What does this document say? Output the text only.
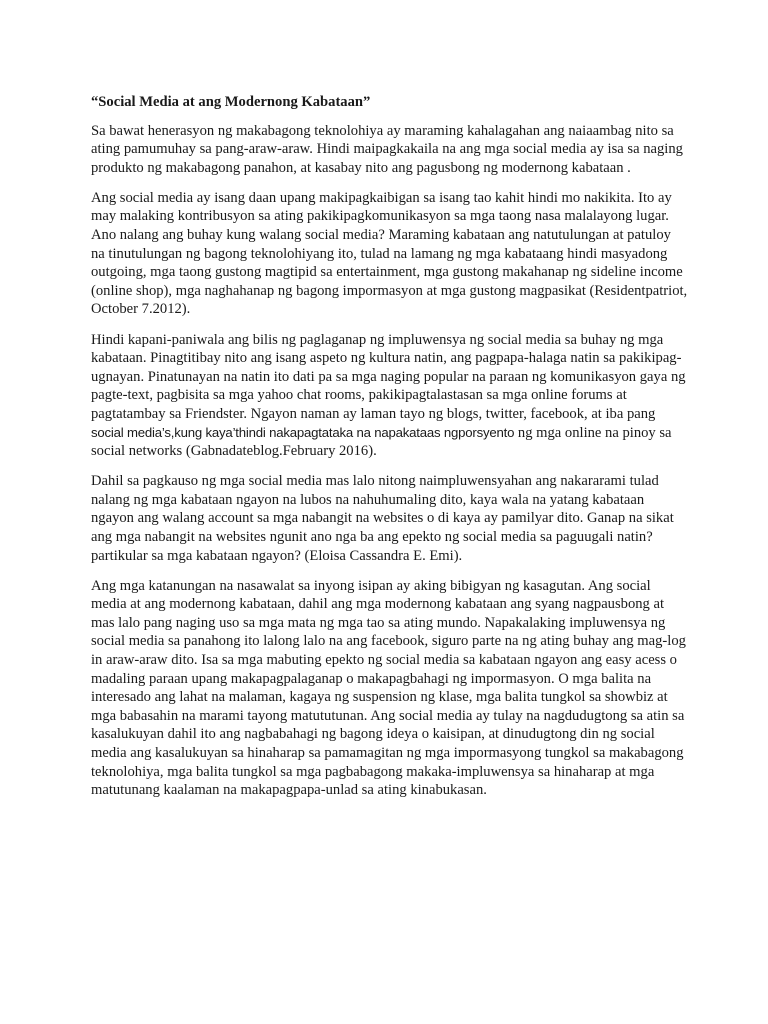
“Social Media at ang Modernong Kabataan”

Sa bawat henerasyon ng makabagong teknolohiya ay maraming kahalagahan ang naiaambag nito sa ating pamumuhay sa pang-araw-araw. Hindi maipagkakaila na ang mga social media ay isa sa naging produkto ng makabagong panahon, at kasabay nito ang pagusbong ng modernong kabataan .

Ang social media ay isang daan upang makipagkaibigan sa isang tao kahit hindi mo nakikita. Ito ay may malaking kontribusyon sa ating pakikipagkomunikasyon sa mga taong nasa malalayong lugar. Ano nalang ang buhay kung walang social media? Maraming kabataan ang natutulungan at patuloy na tinutulungan ng bagong teknolohiyang ito, tulad na lamang ng mga kabataang hindi masyadong outgoing, mga taong gustong magtipid sa entertainment, mga gustong makahanap ng sideline income (online shop), mga naghahanap ng bagong impormasyon at mga gustong magpasikat (Residentpatriot, October 7.2012).

Hindi kapani-paniwala ang bilis ng paglaganap ng impluwensya ng social media sa buhay ng mga kabataan. Pinagtitibay nito ang isang aspeto ng kultura natin, ang pagpapa-halaga natin sa pakikipag-ugnayan. Pinatunayan na natin ito dati pa sa mga naging popular na paraan ng komunikasyon gaya ng pagte-text, pagbisita sa mga yahoo chat rooms, pakikipagtalastasan sa mga online forums at pagtatambay sa Friendster. Ngayon naman ay laman tayo ng blogs, twitter, facebook, at iba pang social media’s,kung kaya’thindi nakapagtataka na napakataas ngporsyento ng mga online na pinoy sa social networks (Gabnadateblog.February 2016).

Dahil sa pagkauso ng mga social media mas lalo nitong naimpluwensyahan ang nakararami tulad nalang ng mga kabataan ngayon na lubos na nahuhumaling dito, kaya wala na yatang kabataan ngayon ang walang account sa mga nabangit na websites o di kaya ay pamilyar dito. Ganap na sikat ang mga nabangit na websites ngunit ano nga ba ang epekto ng social media sa paguugali natin? partikular sa mga kabataan ngayon? (Eloisa Cassandra E. Emi).

Ang mga katanungan na nasawalat sa inyong isipan ay aking bibigyan ng kasagutan. Ang social media at ang modernong kabataan, dahil ang mga modernong kabataan ang syang nagpausbong at mas lalo pang naging uso sa mga mata ng mga tao sa ating mundo. Napakalaking impluwensya ng social media sa panahong ito lalong lalo na ang facebook, siguro parte na ng ating buhay ang mag-log in araw-araw dito. Isa sa mga mabuting epekto ng social media sa kabataan ngayon ang easy acess o madaling paraan upang makapagpalaganap o makapagbahagi ng impormasyon. O mga balita na interesado ang lahat na malaman, kagaya ng suspension ng klase, mga balita tungkol sa showbiz at mga babasahin na marami tayong matututunan. Ang social media ay tulay na nagdudugtong sa atin sa kasalukuyan dahil ito ang nagbabahagi ng bagong ideya o kaisipan, at dinudugtong din ng social media ang kasalukuyan sa hinaharap sa pamamagitan ng mga impormasyong tungkol sa makabagong teknolohiya, mga balita tungkol sa mga pagbabagong makaka-impluwensya sa hinaharap at mga matutunang kaalaman na makapagpapa-unlad sa ating kinabukasan.
